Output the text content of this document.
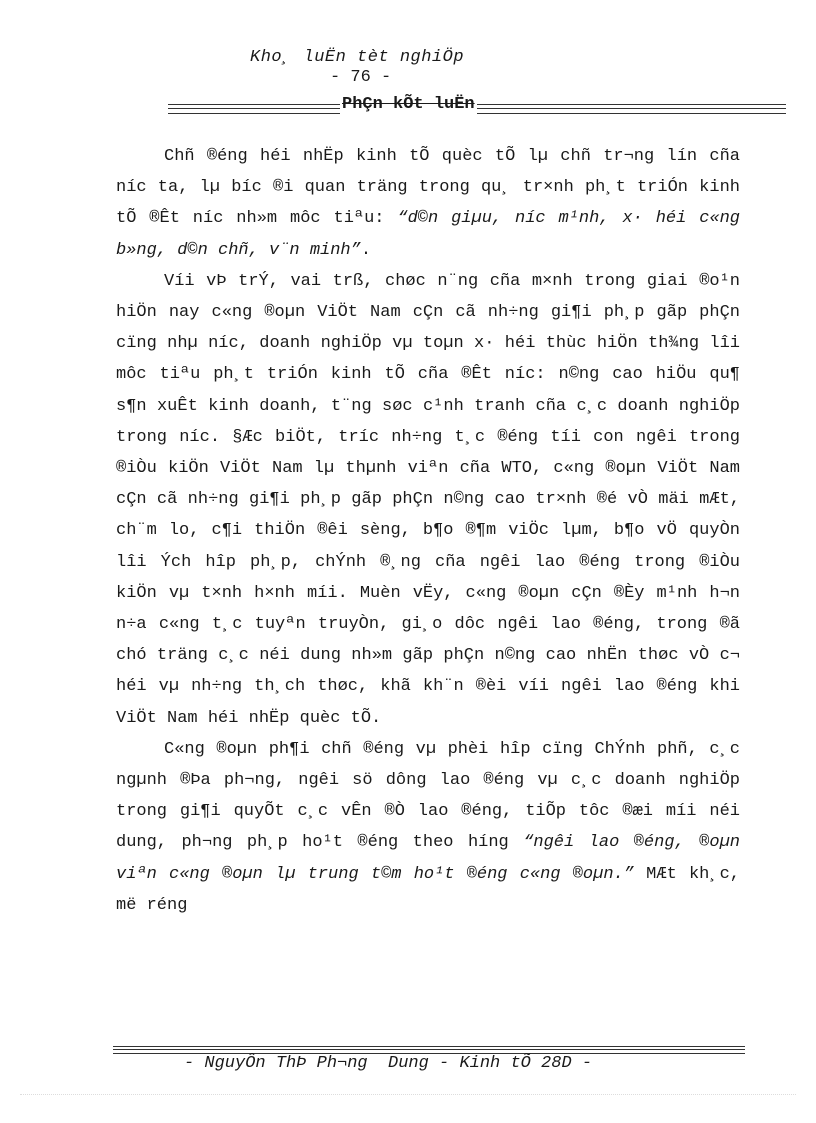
Kho¸ luËn tèt nghiÖp
- 76 -
PhÇn kÕt luËn

Chñ ®éng héi nhËp kinh tÕ quèc tÕ lµ chñ tr¬ng lín cña níc ta, lµ bíc ®i quan träng trong qu¸ tr×nh ph¸t triÓn kinh tÕ ®Êt níc nh»m môc tiªu: “d©n giµu, níc m¹nh, x· héi c«ng b»ng, d©n chñ, v¨n minh”.

Víi vÞ trÝ, vai trß, chøc n¨ng cña m×nh trong giai ®o¹n hiÖn nay c«ng ®oµn ViÖt Nam cÇn cã nh÷ng gi¶i ph¸p gãp phÇn cïng nhµ níc, doanh nghiÖp vµ toµn x· héi thùc hiÖn th¾ng lîi môc tiªu ph¸t triÓn kinh tÕ cña ®Êt níc: n©ng cao hiÖu qu¶ s¶n xuÊt kinh doanh, t¨ng søc c¹nh tranh cña c¸c doanh nghiÖp trong níc. §Æc biÖt, tríc nh÷ng t¸c ®éng tíi con ngêi trong ®iÒu kiÖn ViÖt Nam lµ thµnh viªn cña WTO, c«ng ®oµn ViÖt Nam cÇn cã nh÷ng gi¶i ph¸p gãp phÇn n©ng cao tr×nh ®é vÒ mäi mÆt, ch¨m lo, c¶i thiÖn ®êi sèng, b¶o ®¶m viÖc lµm, b¶o vÖ quyÒn lîi Ých hîp ph¸p, chÝnh ®¸ng cña ngêi lao ®éng trong ®iÒu kiÖn vµ t×nh h×nh míi. Muèn vËy, c«ng ®oµn cÇn ®Èy m¹nh h¬n n÷a c«ng t¸c tuyªn truyÒn, gi¸o dôc ngêi lao ®éng, trong ®ã chó träng c¸c néi dung nh»m gãp phÇn n©ng cao nhËn thøc vÒ c¬ héi vµ nh÷ng th¸ch thøc, khã kh¨n ®èi víi ngêi lao ®éng khi ViÖt Nam héi nhËp quèc tÕ.

C«ng ®oµn ph¶i chñ ®éng vµ phèi hîp cïng ChÝnh phñ, c¸c ngµnh ®Þa ph¬ng, ngêi sö dông lao ®éng vµ c¸c doanh nghiÖp trong gi¶i quyÕt c¸c vÊn ®Ò lao ®éng, tiÕp tôc ®æi míi néi dung, ph¬ng ph¸p ho¹t ®éng theo híng “ngêi lao ®éng, ®oµn viªn c«ng ®oµn lµ trung t©m ho¹t ®éng c«ng ®oµn.” MÆt kh¸c, më réng

- NguyÔn ThÞ Ph¬ng  Dung - Kinh tÕ 28D -
